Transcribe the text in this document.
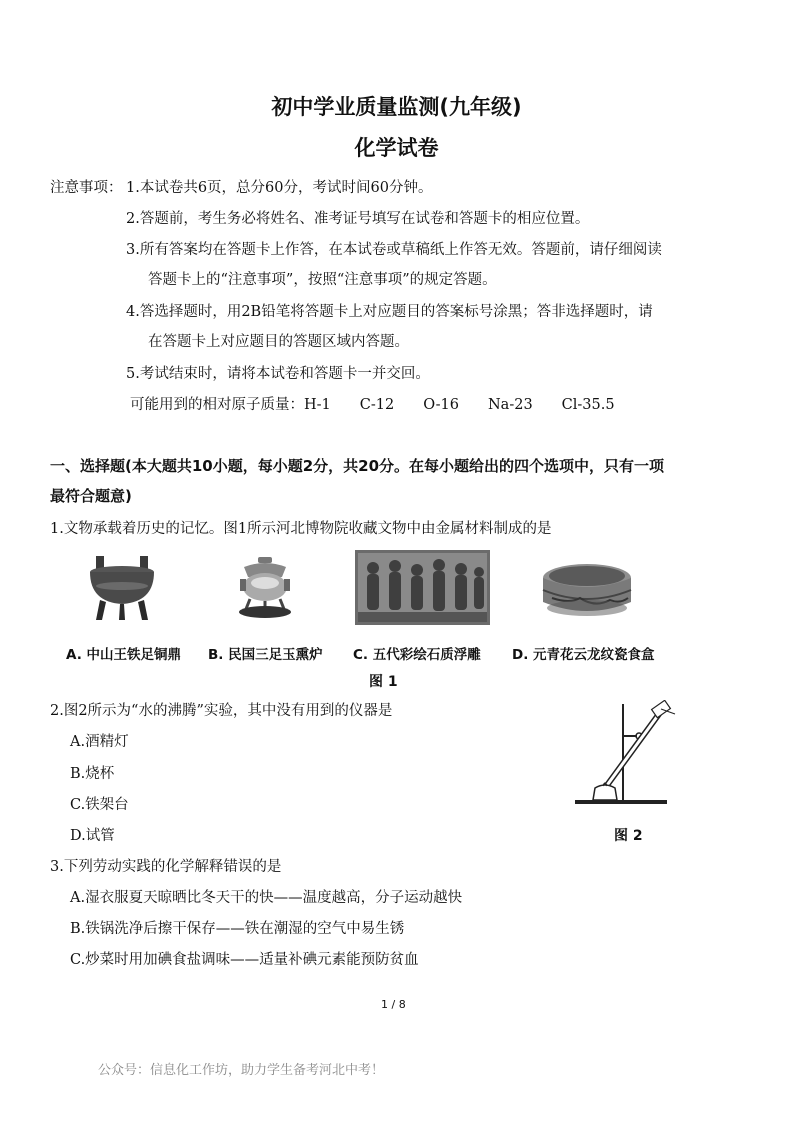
初中学业质量监测(九年级)
化学试卷
注意事项： 1.本试卷共6页，总分60分，考试时间60分钟。
2.答题前，考生务必将姓名、准考证号填写在试卷和答题卡的相应位置。
3.所有答案均在答题卡上作答，在本试卷或草稿纸上作答无效。答题前，请仔细阅读
答题卡上的“注意事项”，按照“注意事项”的规定答题。
4.答选择题时，用2B铅笔将答题卡上对应题目的答案标号涂黑；答非选择题时，请
在答题卡上对应题目的答题区域内答题。
5.考试结束时，请将本试卷和答题卡一并交回。
可能用到的相对原子质量：H-1　　C-12　　O-16　　Na-23　　Cl-35.5
一、选择题(本大题共10小题，每小题2分，共20分。在每小题给出的四个选项中，只有一项
最符合题意)
1.文物承载着历史的记忆。图1所示河北博物院收藏文物中由金属材料制成的是
A. 中山王铁足铜鼎 B. 民国三足玉熏炉 C. 五代彩绘石质浮雕 D. 元青花云龙纹瓷食盒
图 1
2.图2所示为“水的沸腾”实验，其中没有用到的仪器是
A.酒精灯
B.烧杯
C.铁架台
D.试管	图 2
3.下列劳动实践的化学解释错误的是
A.湿衣服夏天晾晒比冬天干的快——温度越高，分子运动越快
B.铁锅洗净后擦干保存——铁在潮湿的空气中易生锈
C.炒菜时用加碘食盐调味——适量补碘元素能预防贫血
1 / 8
公众号：信息化工作坊，助力学生备考河北中考！
